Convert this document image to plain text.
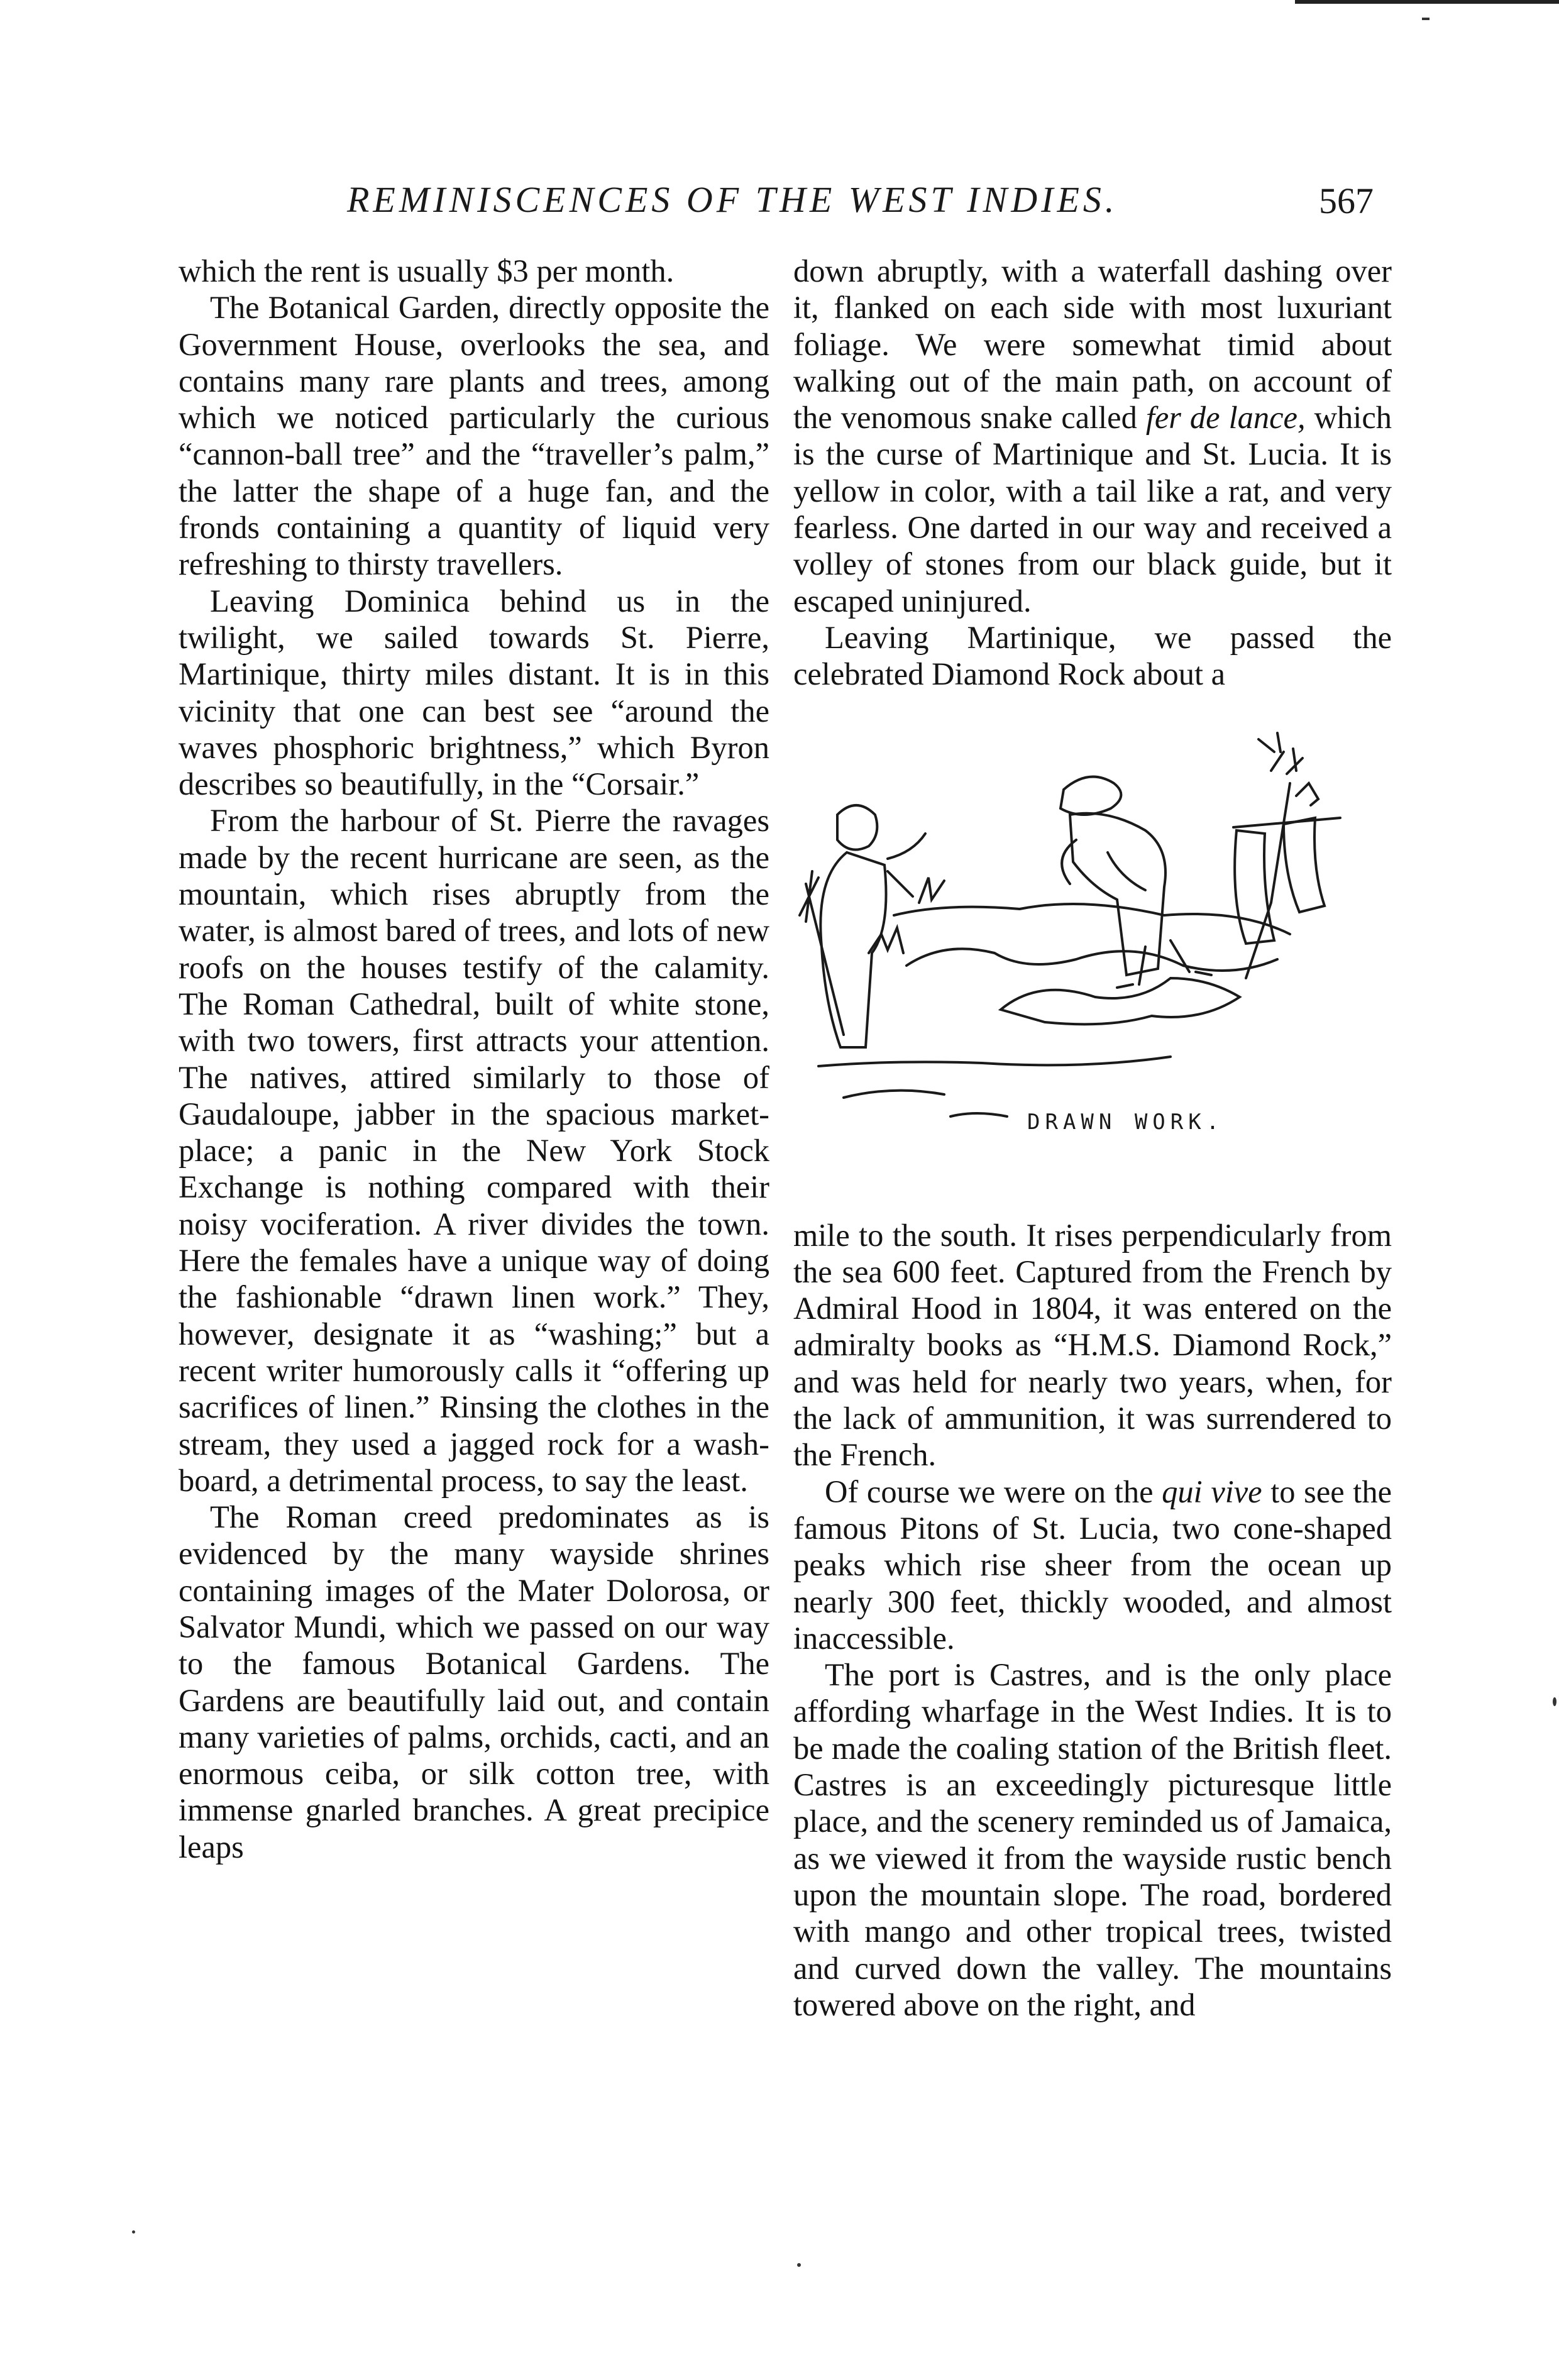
REMINISCENCES OF THE WEST INDIES.	567

which the rent is usually $3 per month.

The Botanical Garden, directly opposite the Government House, overlooks the sea, and contains many rare plants and trees, among which we noticed particularly the curious “cannon-ball tree” and the “traveller’s palm,” the latter the shape of a huge fan, and the fronds containing a quantity of liquid very refreshing to thirsty travellers.

Leaving Dominica behind us in the twilight, we sailed towards St. Pierre, Martinique, thirty miles distant. It is in this vicinity that one can best see “around the waves phosphoric brightness,” which Byron describes so beautifully, in the “Corsair.”

From the harbour of St. Pierre the ravages made by the recent hurricane are seen, as the mountain, which rises abruptly from the water, is almost bared of trees, and lots of new roofs on the houses testify of the calamity. The Roman Cathedral, built of white stone, with two towers, first attracts your attention. The natives, attired similarly to those of Gaudaloupe, jabber in the spacious market-place; a panic in the New York Stock Exchange is nothing compared with their noisy vociferation. A river divides the town. Here the females have a unique way of doing the fashionable “drawn linen work.” They, however, designate it as “washing;” but a recent writer humorously calls it “offering up sacrifices of linen.” Rinsing the clothes in the stream, they used a jagged rock for a wash-board, a detrimental process, to say the least.

The Roman creed predominates as is evidenced by the many wayside shrines containing images of the Mater Dolorosa, or Salvator Mundi, which we passed on our way to the famous Botanical Gardens. The Gardens are beautifully laid out, and contain many varieties of palms, orchids, cacti, and an enormous ceiba, or silk cotton tree, with immense gnarled branches. A great precipice leaps

down abruptly, with a waterfall dashing over it, flanked on each side with most luxuriant foliage. We were somewhat timid about walking out of the main path, on account of the venomous snake called fer de lance, which is the curse of Martinique and St. Lucia. It is yellow in color, with a tail like a rat, and very fearless. One darted in our way and received a volley of stones from our black guide, but it escaped uninjured.

Leaving Martinique, we passed the celebrated Diamond Rock about a

DRAWN WORK.

mile to the south. It rises perpendicularly from the sea 600 feet. Captured from the French by Admiral Hood in 1804, it was entered on the admiralty books as “H.M.S. Diamond Rock,” and was held for nearly two years, when, for the lack of ammunition, it was surrendered to the French.

Of course we were on the qui vive to see the famous Pitons of St. Lucia, two cone-shaped peaks which rise sheer from the ocean up nearly 300 feet, thickly wooded, and almost inaccessible.

The port is Castres, and is the only place affording wharfage in the West Indies. It is to be made the coaling station of the British fleet. Castres is an exceedingly picturesque little place, and the scenery reminded us of Jamaica, as we viewed it from the wayside rustic bench upon the mountain slope. The road, bordered with mango and other tropical trees, twisted and curved down the valley. The mountains towered above on the right, and
